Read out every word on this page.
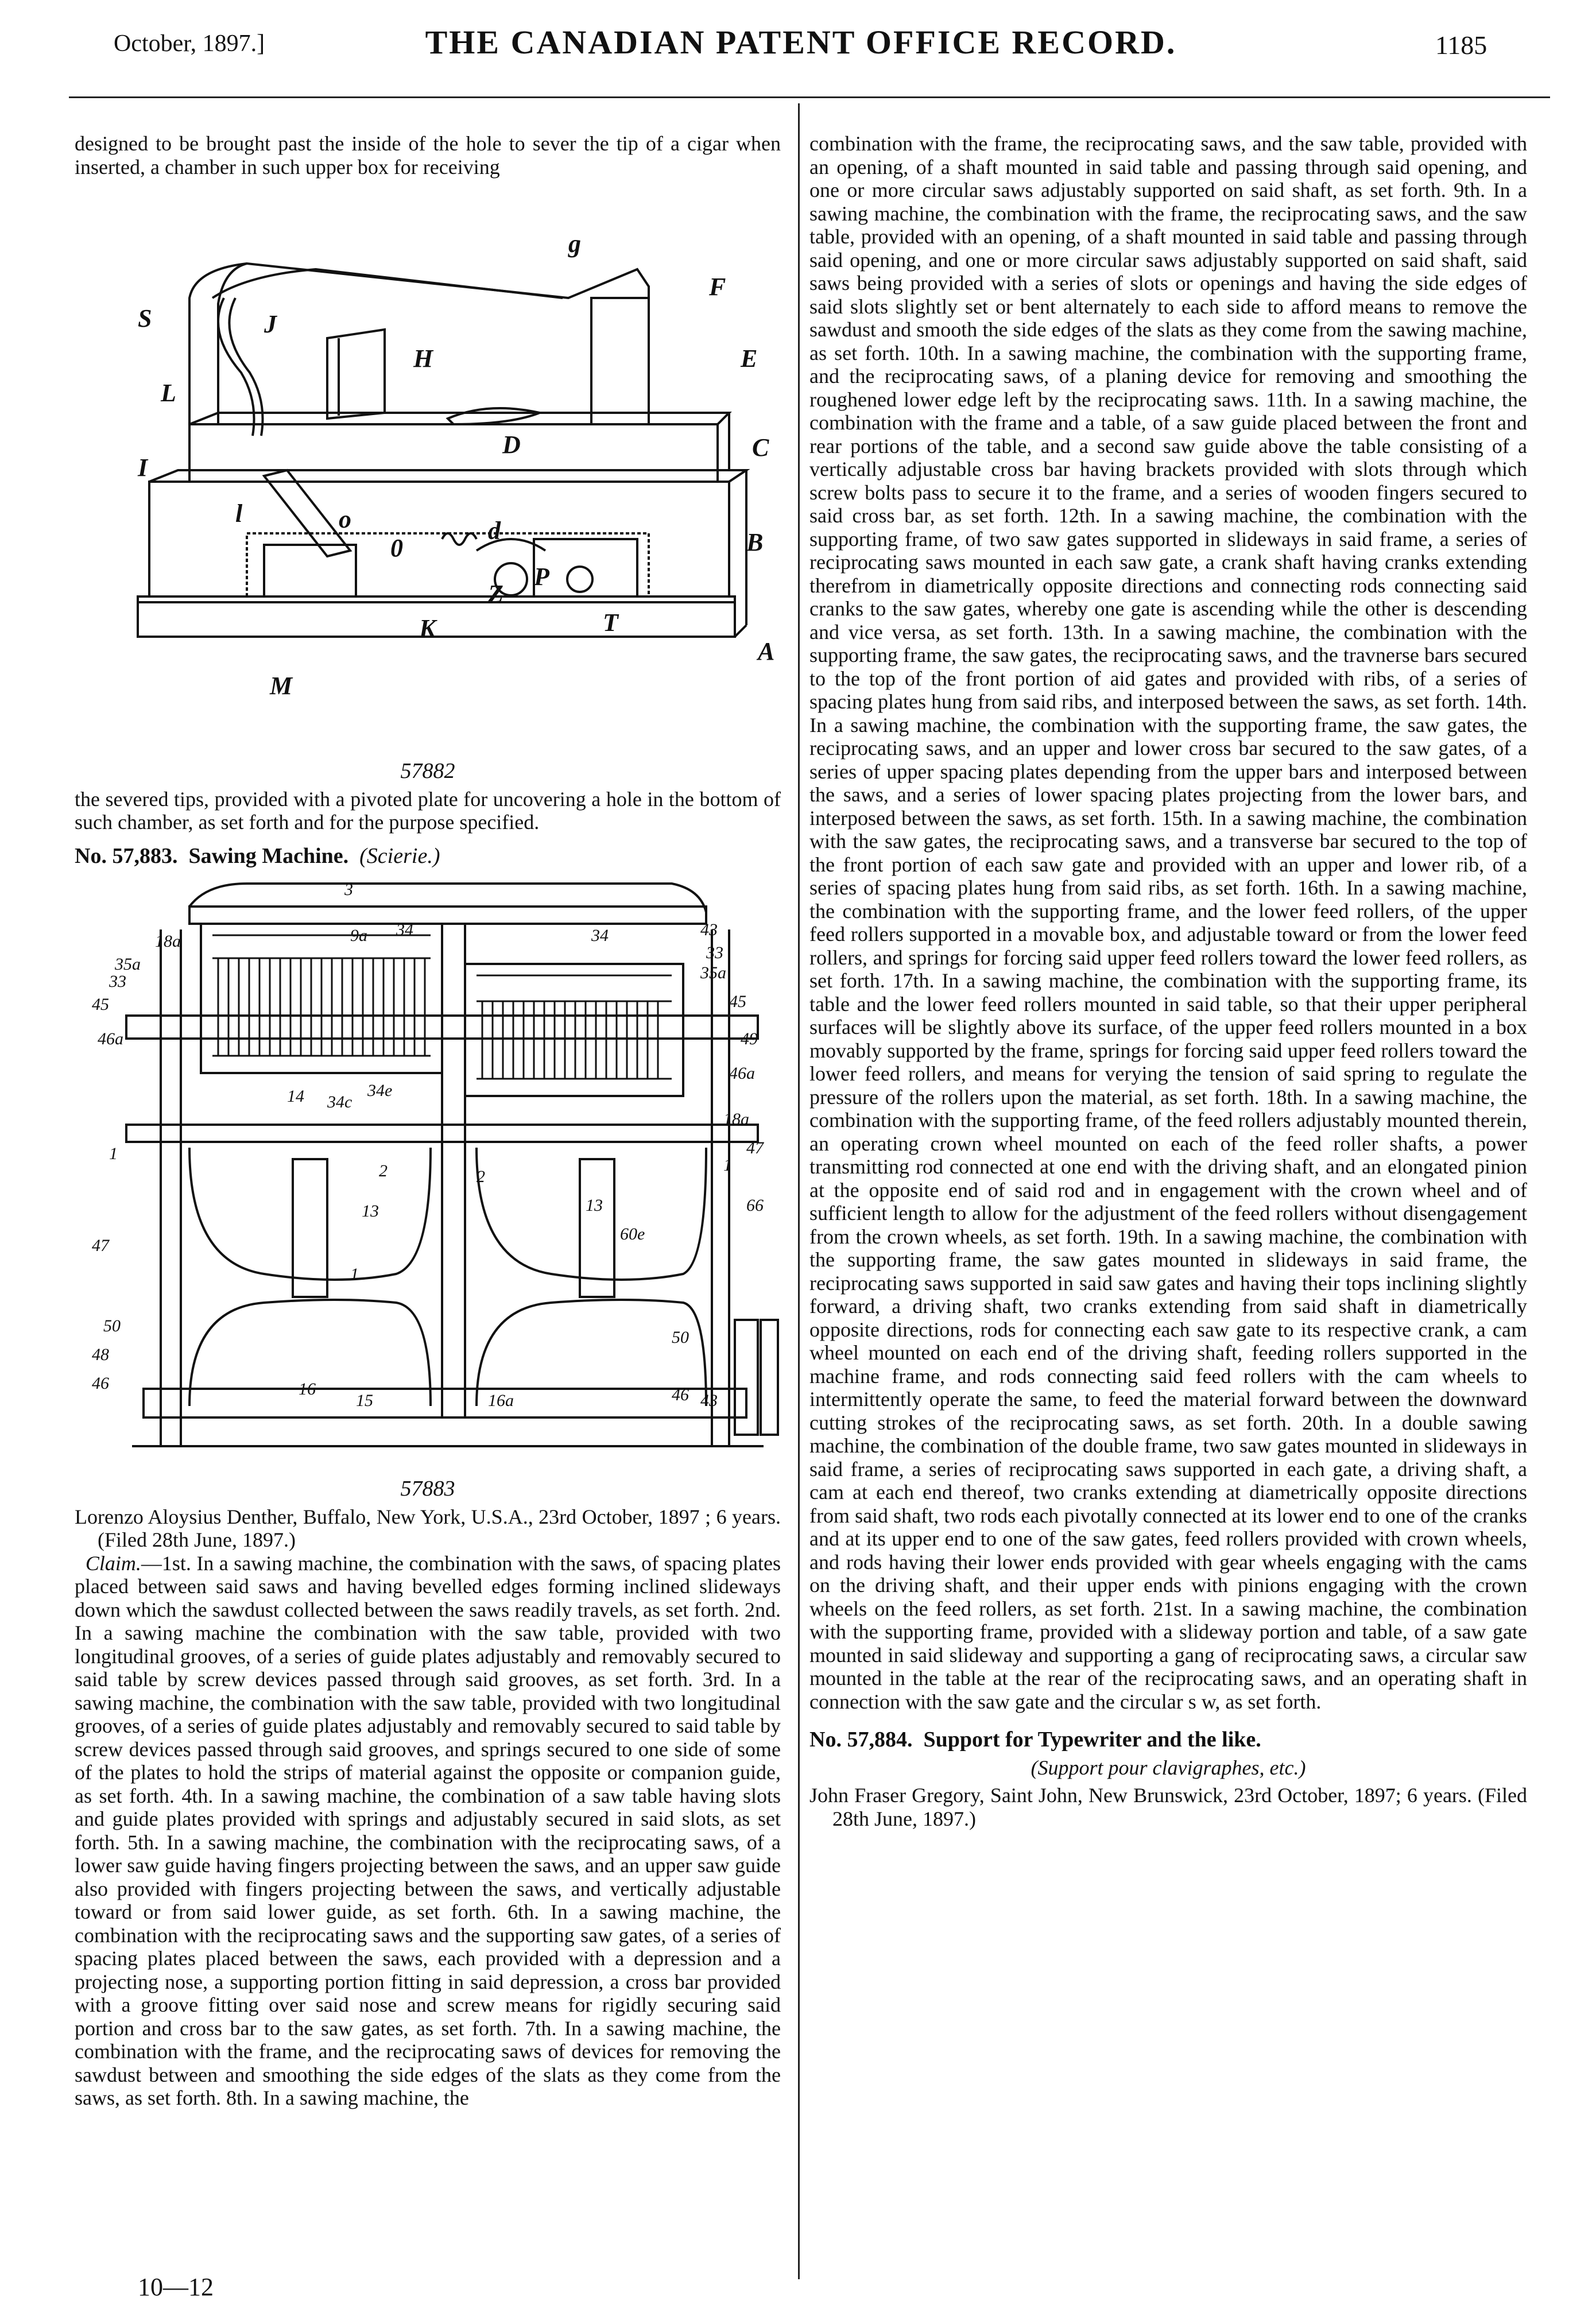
October, 1897.]	THE CANADIAN PATENT OFFICE RECORD.	1185

designed to be brought past the inside of the hole to sever the tip of a cigar when inserted, a chamber in such upper box for receiving

g
F
S	J
E
H
L
D	C
I
l	o	d	B
0
P
Z
K
A
M
T
57882

the severed tips, provided with a pivoted plate for uncovering a hole in the bottom of such chamber, as set forth and for the purpose specified.

No. 57,883. Sawing Machine. (Scierie.)
3
34	34	43
18a	9a
33
35a	35a
33
45
45
49
46a
46a
14 34c
34e
18a
47
1
1
2	2
47
13	13
60e
66
1
50
50
48
46	16
15	16a	46 43
57883

Lorenzo Aloysius Denther, Buffalo, New York, U.S.A., 23rd October, 1897 ; 6 years. (Filed 28th June, 1897.)

Claim.—1st. In a sawing machine, the combination with the saws, of spacing plates placed between said saws and having bevelled edges forming inclined slideways down which the sawdust collected between the saws readily travels, as set forth. 2nd. In a sawing machine the combination with the saw table, provided with two longitudinal grooves, of a series of guide plates adjustably and removably secured to said table by screw devices passed through said grooves, as set forth. 3rd. In a sawing machine, the combination with the saw table, provided with two longitudinal grooves, of a series of guide plates adjustably and removably secured to said table by screw devices passed through said grooves, and springs secured to one side of some of the plates to hold the strips of material against the opposite or companion guide, as set forth. 4th. In a sawing machine, the combination of a saw table having slots and guide plates provided with springs and adjustably secured in said slots, as set forth. 5th. In a sawing machine, the combination with the reciprocating saws, of a lower saw guide having fingers projecting between the saws, and an upper saw guide also provided with fingers projecting between the saws, and vertically adjustable toward or from said lower guide, as set forth. 6th. In a sawing machine, the combination with the reciprocating saws and the supporting saw gates, of a series of spacing plates placed between the saws, each provided with a depression and a projecting nose, a supporting portion fitting in said depression, a cross bar provided with a groove fitting over said nose and screw means for rigidly securing said portion and cross bar to the saw gates, as set forth. 7th. In a sawing machine, the combination with the frame, and the reciprocating saws of devices for removing the sawdust between and smoothing the side edges of the slats as they come from the saws, as set forth. 8th. In a sawing machine, the

combination with the frame, the reciprocating saws, and the saw table, provided with an opening, of a shaft mounted in said table and passing through said opening, and one or more circular saws adjustably supported on said shaft, as set forth. 9th. In a sawing machine, the combination with the frame, the reciprocating saws, and the saw table, provided with an opening, of a shaft mounted in said table and passing through said opening, and one or more circular saws adjustably supported on said shaft, said saws being provided with a series of slots or openings and having the side edges of said slots slightly set or bent alternately to each side to afford means to remove the sawdust and smooth the side edges of the slats as they come from the sawing machine, as set forth. 10th. In a sawing machine, the combination with the supporting frame, and the reciprocating saws, of a planing device for removing and smoothing the roughened lower edge left by the reciprocating saws. 11th. In a sawing machine, the combination with the frame and a table, of a saw guide placed between the front and rear portions of the table, and a second saw guide above the table consisting of a vertically adjustable cross bar having brackets provided with slots through which screw bolts pass to secure it to the frame, and a series of wooden fingers secured to said cross bar, as set forth. 12th. In a sawing machine, the combination with the supporting frame, of two saw gates supported in slideways in said frame, a series of reciprocating saws mounted in each saw gate, a crank shaft having cranks extending therefrom in diametrically opposite directions and connecting rods connecting said cranks to the saw gates, whereby one gate is ascending while the other is descending and vice versa, as set forth. 13th. In a sawing machine, the combination with the supporting frame, the saw gates, the reciprocating saws, and the travnerse bars secured to the top of the front portion of aid gates and provided with ribs, of a series of spacing plates hung from said ribs, and interposed between the saws, as set forth. 14th. In a sawing machine, the combination with the supporting frame, the saw gates, the reciprocating saws, and an upper and lower cross bar secured to the saw gates, of a series of upper spacing plates depending from the upper bars and interposed between the saws, and a series of lower spacing plates projecting from the lower bars, and interposed between the saws, as set forth. 15th. In a sawing machine, the combination with the saw gates, the reciprocating saws, and a transverse bar secured to the top of the front portion of each saw gate and provided with an upper and lower rib, of a series of spacing plates hung from said ribs, as set forth. 16th. In a sawing machine, the combination with the supporting frame, and the lower feed rollers, of the upper feed rollers supported in a movable box, and adjustable toward or from the lower feed rollers, and springs for forcing said upper feed rollers toward the lower feed rollers, as set forth. 17th. In a sawing machine, the combination with the supporting frame, its table and the lower feed rollers mounted in said table, so that their upper peripheral surfaces will be slightly above its surface, of the upper feed rollers mounted in a box movably supported by the frame, springs for forcing said upper feed rollers toward the lower feed rollers, and means for verying the tension of said spring to regulate the pressure of the rollers upon the material, as set forth. 18th. In a sawing machine, the combination with the supporting frame, of the feed rollers adjustably mounted therein, an operating crown wheel mounted on each of the feed roller shafts, a power transmitting rod connected at one end with the driving shaft, and an elongated pinion at the opposite end of said rod and in engagement with the crown wheel and of sufficient length to allow for the adjustment of the feed rollers without disengagement from the crown wheels, as set forth. 19th. In a sawing machine, the combination with the supporting frame, the saw gates mounted in slideways in said frame, the reciprocating saws supported in said saw gates and having their tops inclining slightly forward, a driving shaft, two cranks extending from said shaft in diametrically opposite directions, rods for connecting each saw gate to its respective crank, a cam wheel mounted on each end of the driving shaft, feeding rollers supported in the machine frame, and rods connecting said feed rollers with the cam wheels to intermittently operate the same, to feed the material forward between the downward cutting strokes of the reciprocating saws, as set forth. 20th. In a double sawing machine, the combination of the double frame, two saw gates mounted in slideways in said frame, a series of reciprocating saws supported in each gate, a driving shaft, a cam at each end thereof, two cranks extending at diametrically opposite directions from said shaft, two rods each pivotally connected at its lower end to one of the cranks and at its upper end to one of the saw gates, feed rollers provided with crown wheels, and rods having their lower ends provided with gear wheels engaging with the cams on the driving shaft, and their upper ends with pinions engaging with the crown wheels on the feed rollers, as set forth. 21st. In a sawing machine, the combination with the supporting frame, provided with a slideway portion and table, of a saw gate mounted in said slideway and supporting a gang of reciprocating saws, a circular saw mounted in the table at the rear of the reciprocating saws, and an operating shaft in connection with the saw gate and the circular s w, as set forth.

No. 57,884. Support for Typewriter and the like.
(Support pour clavigraphes, etc.)

John Fraser Gregory, Saint John, New Brunswick, 23rd October, 1897; 6 years. (Filed 28th June, 1897.)

10—12
